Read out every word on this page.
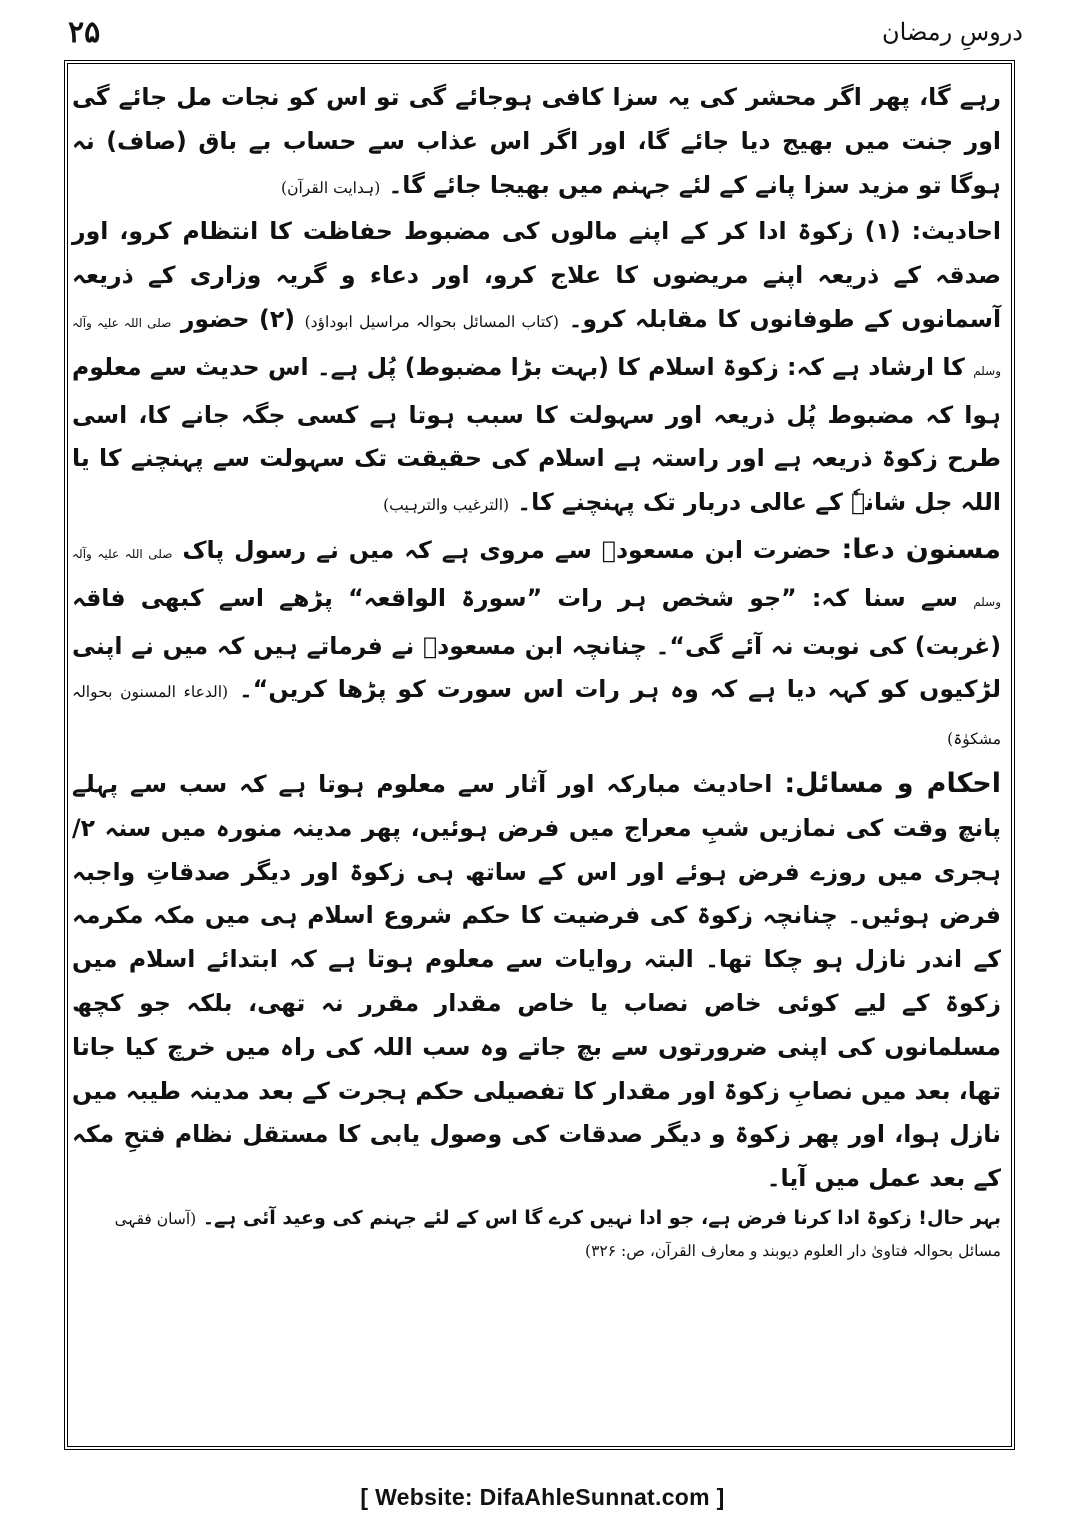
۲۵	دروسِ رمضان

رہے گا، پھر اگر محشر کی یہ سزا کافی ہوجائے گی تو اس کو نجات مل جائے گی اور جنت میں بھیج دیا جائے گا، اور اگر اس عذاب سے حساب بے باق (صاف) نہ ہوگا تو مزید سزا پانے کے لئے جہنم میں بھیجا جائے گا۔ (ہدایت القرآن)

احادیث: (۱) زکوۃ ادا کر کے اپنے مالوں کی مضبوط حفاظت کا انتظام کرو، اور صدقہ کے ذریعہ اپنے مریضوں کا علاج کرو، اور دعاء و گریہ وزاری کے ذریعہ آسمانوں کے طوفانوں کا مقابلہ کرو۔ (کتاب المسائل بحوالہ مراسیل ابوداؤد) (۲) حضور صلی اللہ علیہ وآلہ وسلم کا ارشاد ہے کہ: زکوۃ اسلام کا (بہت بڑا مضبوط) پُل ہے۔ اس حدیث سے معلوم ہوا کہ مضبوط پُل ذریعہ اور سہولت کا سبب ہوتا ہے کسی جگہ جانے کا، اسی طرح زکوۃ ذریعہ ہے اور راستہ ہے اسلام کی حقیقت تک سہولت سے پہنچنے کا یا اللہ جل شانہٗ کے عالی دربار تک پہنچنے کا۔ (الترغیب والترہیب)

مسنون دعا: حضرت ابن مسعودؓ سے مروی ہے کہ میں نے رسول پاک صلی اللہ علیہ وآلہ وسلم سے سنا کہ: ”جو شخص ہر رات ”سورۃ الواقعہ“ پڑھے اسے کبھی فاقہ (غربت) کی نوبت نہ آئے گی“۔ چنانچہ ابن مسعودؓ نے فرماتے ہیں کہ میں نے اپنی لڑکیوں کو کہہ دیا ہے کہ وہ ہر رات اس سورت کو پڑھا کریں“۔ (الدعاء المسنون بحوالہ مشکوٰۃ)

احکام و مسائل: احادیث مبارکہ اور آثار سے معلوم ہوتا ہے کہ سب سے پہلے پانچ وقت کی نمازیں شبِ معراج میں فرض ہوئیں، پھر مدینہ منورہ میں سنہ ۲/ ہجری میں روزے فرض ہوئے اور اس کے ساتھ ہی زکوۃ اور دیگر صدقاتِ واجبہ فرض ہوئیں۔ چنانچہ زکوۃ کی فرضیت کا حکم شروع اسلام ہی میں مکہ مکرمہ کے اندر نازل ہو چکا تھا۔ البتہ روایات سے معلوم ہوتا ہے کہ ابتدائے اسلام میں زکوۃ کے لیے کوئی خاص نصاب یا خاص مقدار مقرر نہ تھی، بلکہ جو کچھ مسلمانوں کی اپنی ضرورتوں سے بچ جاتے وہ سب اللہ کی راہ میں خرچ کیا جاتا تھا، بعد میں نصابِ زکوۃ اور مقدار کا تفصیلی حکم ہجرت کے بعد مدینہ طیبہ میں نازل ہوا، اور پھر زکوۃ و دیگر صدقات کی وصول یابی کا مستقل نظام فتحِ مکہ کے بعد عمل میں آیا۔

بہر حال! زکوۃ ادا کرنا فرض ہے، جو ادا نہیں کرے گا اس کے لئے جہنم کی وعید آئی ہے۔ (آسان فقہی

مسائل بحوالہ فتاویٰ دار العلوم دیوبند و معارف القرآن، ص: ۳۲۶)

[ Website: DifaAhleSunnat.com ]
